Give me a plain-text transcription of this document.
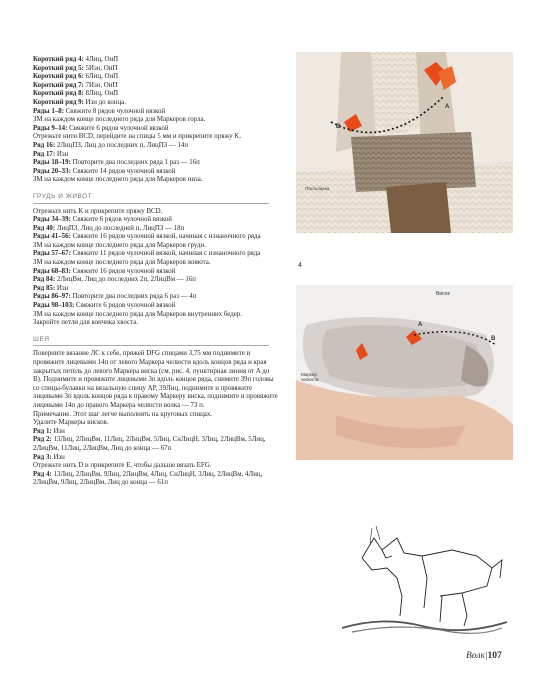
Короткий ряд 4: 4Лиц, ОиП

Короткий ряд 5: 5Изн, ОиП

Короткий ряд 6: 6Лиц, ОиП

Короткий ряд 7: 7Изн, ОиП

Короткий ряд 8: 8Лиц, ОиП

Короткий ряд 9: Изн до конца.

Ряды 1–8: Свяжите 8 рядов чулочной вязкой

ЗМ на каждом конце последнего ряда для Маркеров горла.

Ряды 9–14: Свяжите 6 рядов чулочной вязкой

Отрежьте нити BCD, перейдите на спицы 5 мм и прикрепите пряжу K.

Ряд 16: 2ЛицПЗ, Лиц до последних п, ЛицПЗ — 14п

Ряд 17: Изн

Ряды 18–19: Повторите два последних ряда 1 раз — 16п

Ряды 20–33: Свяжите 14 рядов чулочной вязкой

ЗМ на каждом конце последнего ряда для Маркеров низа.

ГРУДЬ И ЖИВОТ

Отрежьте нить K и прикрепите пряжу BCD.

Ряды 34–39: Свяжите 6 рядов чулочной вязкой

Ряд 40: ЛицПЗ, Лиц до последней п, ЛицПЗ — 18п

Ряды 41–56: Свяжите 16 рядов чулочной вязкой, начиная с изнаночного ряда

ЗМ на каждом конце последнего ряда для Маркеров груди.

Ряды 57–67: Свяжите 11 рядов чулочной вязкой, начиная с изнаночного ряда

ЗМ на каждом конце последнего ряда для Маркеров живота.

Ряды 68–83: Свяжите 16 рядов чулочной вязкой

Ряд 84: 2ЛицВм, Лиц до последних 2п, 2ЛицВм — 16п

Ряд 85: Изн

Ряды 86–97: Повторите два последних ряда 6 раз — 4п

Ряды 98–103: Свяжите 6 рядов чулочной вязкой

ЗМ на каждом конце последнего ряда для Маркеров внутренних бедер.

Закройте петли для кончика хвоста.

ШЕЯ

Поверните вязание ЛС к себе, пряжей DFG спицами 3,75 мм поднимите и провяжите лицевыми 14п от левого Маркера челюсти вдоль концов ряда и края закрытых петель до левого Маркера виска (см. рис. 4, пунктирная линия от A до B). Поднимите и провяжите лицевыми 3п вдоль концов ряда, снимите 39п головы со спицы-булавки на вязальную спицу AP, 39Лиц, поднимите и провяжите лицевыми 3п вдоль концов ряда к правому Маркеру виска, поднимите и провяжите лицевыми 14п до правого Маркера челюсти волка — 73 п.

Примечание. Этот шаг легче выполнять на круговых спицах.

Удалите Маркеры висков.

Ряд 1: Изн

Ряд 2: 13Лиц, 2ЛицВм, 11Лиц, 2ЛицВм, 5Лиц, СнЛицН, 3Лиц, 2ЛицВм, 5Лиц, 2ЛицВм, 11Лиц, 2ЛицВм, Лиц до конца — 67п

Ряд 3: Изн

Отрежьте нить D и прикрепите E, чтобы дальше вязать EFG.

Ряд 4: 13Лиц, 2ЛицВм, 9Лиц, 2ЛицВм, 4Лиц, СнЛицН, 3Лиц, 2ЛицВм, 4Лиц, 2ЛицВм, 9Лиц, 2ЛицВм, Лиц до конца — 61п

A
B
Пасть/щека
4
Висок
A
B
Маркер челюсти
Волк|107
